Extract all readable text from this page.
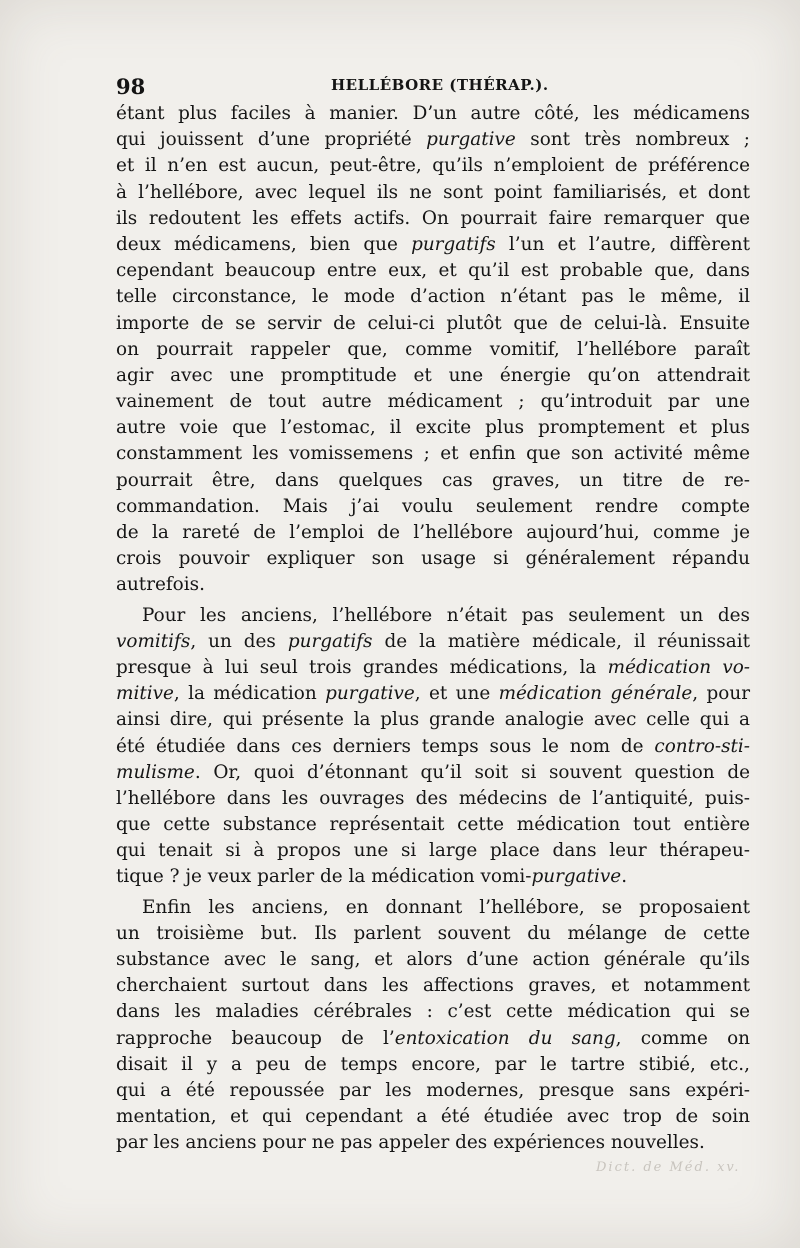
98	HELLÉBORE (THÉRAP.).
étant plus faciles à manier. D’un autre côté, les médicamens
qui jouissent d’une propriété purgative sont très nombreux ;
et il n’en est aucun, peut-être, qu’ils n’emploient de préférence
à l’hellébore, avec lequel ils ne sont point familiarisés, et dont
ils redoutent les effets actifs. On pourrait faire remarquer que
deux médicamens, bien que purgatifs l’un et l’autre, diffèrent
cependant beaucoup entre eux, et qu’il est probable que, dans
telle circonstance, le mode d’action n’étant pas le même, il
importe de se servir de celui-ci plutôt que de celui-là. Ensuite
on pourrait rappeler que, comme vomitif, l’hellébore paraît
agir avec une promptitude et une énergie qu’on attendrait
vainement de tout autre médicament ; qu’introduit par une
autre voie que l’estomac, il excite plus promptement et plus
constamment les vomissemens ; et enfin que son activité même
pourrait être, dans quelques cas graves, un titre de re-
commandation. Mais j’ai voulu seulement rendre compte
de la rareté de l’emploi de l’hellébore aujourd’hui, comme je
crois pouvoir expliquer son usage si généralement répandu
autrefois.
Pour les anciens, l’hellébore n’était pas seulement un des
vomitifs, un des purgatifs de la matière médicale, il réunissait
presque à lui seul trois grandes médications, la médication vo-
mitive, la médication purgative, et une médication générale, pour
ainsi dire, qui présente la plus grande analogie avec celle qui a
été étudiée dans ces derniers temps sous le nom de contro-sti-
mulisme. Or, quoi d’étonnant qu’il soit si souvent question de
l’hellébore dans les ouvrages des médecins de l’antiquité, puis-
que cette substance représentait cette médication tout entière
qui tenait si à propos une si large place dans leur thérapeu-
tique ? je veux parler de la médication vomi-purgative.
Enfin les anciens, en donnant l’hellébore, se proposaient
un troisième but. Ils parlent souvent du mélange de cette
substance avec le sang, et alors d’une action générale qu’ils
cherchaient surtout dans les affections graves, et notamment
dans les maladies cérébrales : c’est cette médication qui se
rapproche beaucoup de l’entoxication du sang, comme on
disait il y a peu de temps encore, par le tartre stibié, etc.,
qui a été repoussée par les modernes, presque sans expéri-
mentation, et qui cependant a été étudiée avec trop de soin
par les anciens pour ne pas appeler des expériences nouvelles.
Dict. de Méd. xv.
